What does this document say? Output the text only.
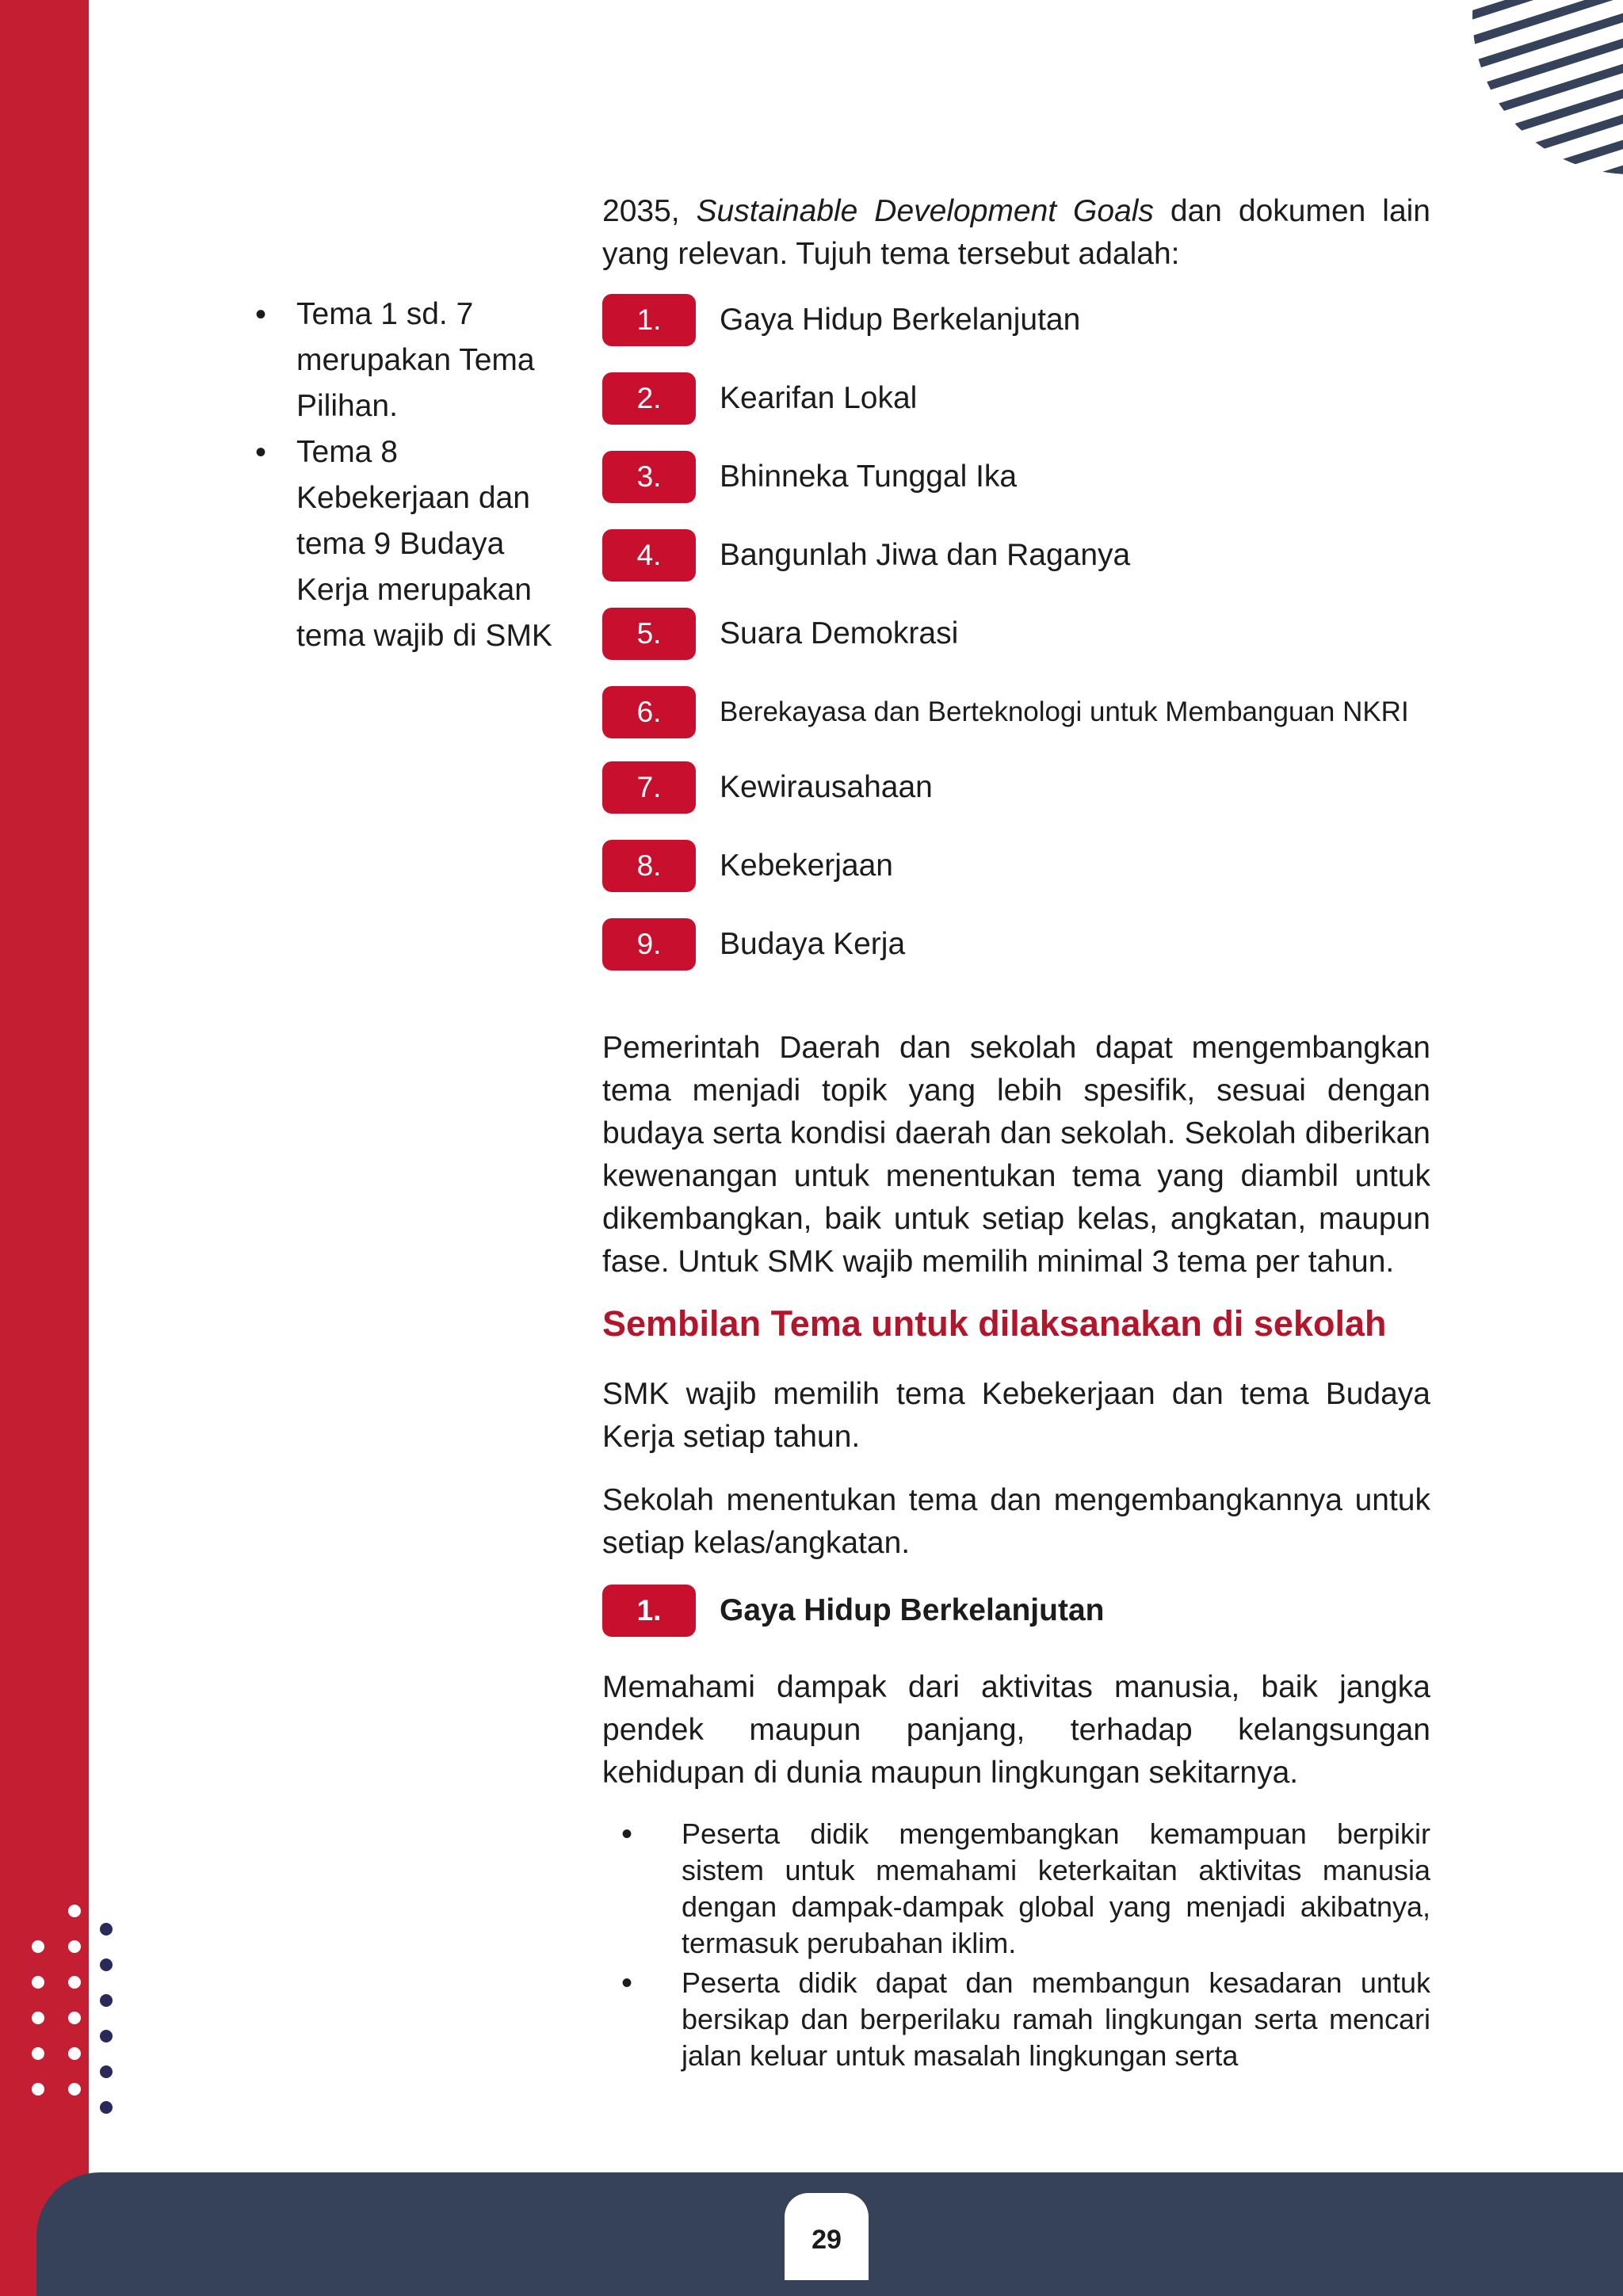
2035, Sustainable Development Goals dan dokumen lain yang relevan. Tujuh tema tersebut adalah:

• Tema 1 sd. 7 merupakan Tema Pilihan.
• Tema 8 Kebekerjaan dan tema 9 Budaya Kerja merupakan tema wajib di SMK
1.	Gaya Hidup Berkelanjutan
2.	Kearifan Lokal
3.	Bhinneka Tunggal Ika
4.	Bangunlah Jiwa dan Raganya
5.	Suara Demokrasi
6.	Berekayasa dan Berteknologi untuk Membanguan NKRI
7.	Kewirausahaan
8.	Kebekerjaan
9.	Budaya Kerja

Pemerintah Daerah dan sekolah dapat mengembangkan tema menjadi topik yang lebih spesifik, sesuai dengan budaya serta kondisi daerah dan sekolah. Sekolah diberikan kewenangan untuk menentukan tema yang diambil untuk dikembangkan, baik untuk setiap kelas, angkatan, maupun fase. Untuk SMK wajib memilih minimal 3 tema per tahun.

Sembilan Tema untuk dilaksanakan di sekolah

SMK wajib memilih tema Kebekerjaan dan tema Budaya Kerja setiap tahun.

Sekolah menentukan tema dan mengembangkannya untuk setiap kelas/angkatan.

1.	Gaya Hidup Berkelanjutan

Memahami dampak dari aktivitas manusia, baik jangka pendek maupun panjang, terhadap kelangsungan kehidupan di dunia maupun lingkungan sekitarnya.

• Peserta didik mengembangkan kemampuan berpikir sistem untuk memahami keterkaitan aktivitas manusia dengan dampak-dampak global yang menjadi akibatnya, termasuk perubahan iklim.
• Peserta didik dapat dan membangun kesadaran untuk bersikap dan berperilaku ramah lingkungan serta mencari jalan keluar untuk masalah lingkungan serta
29
